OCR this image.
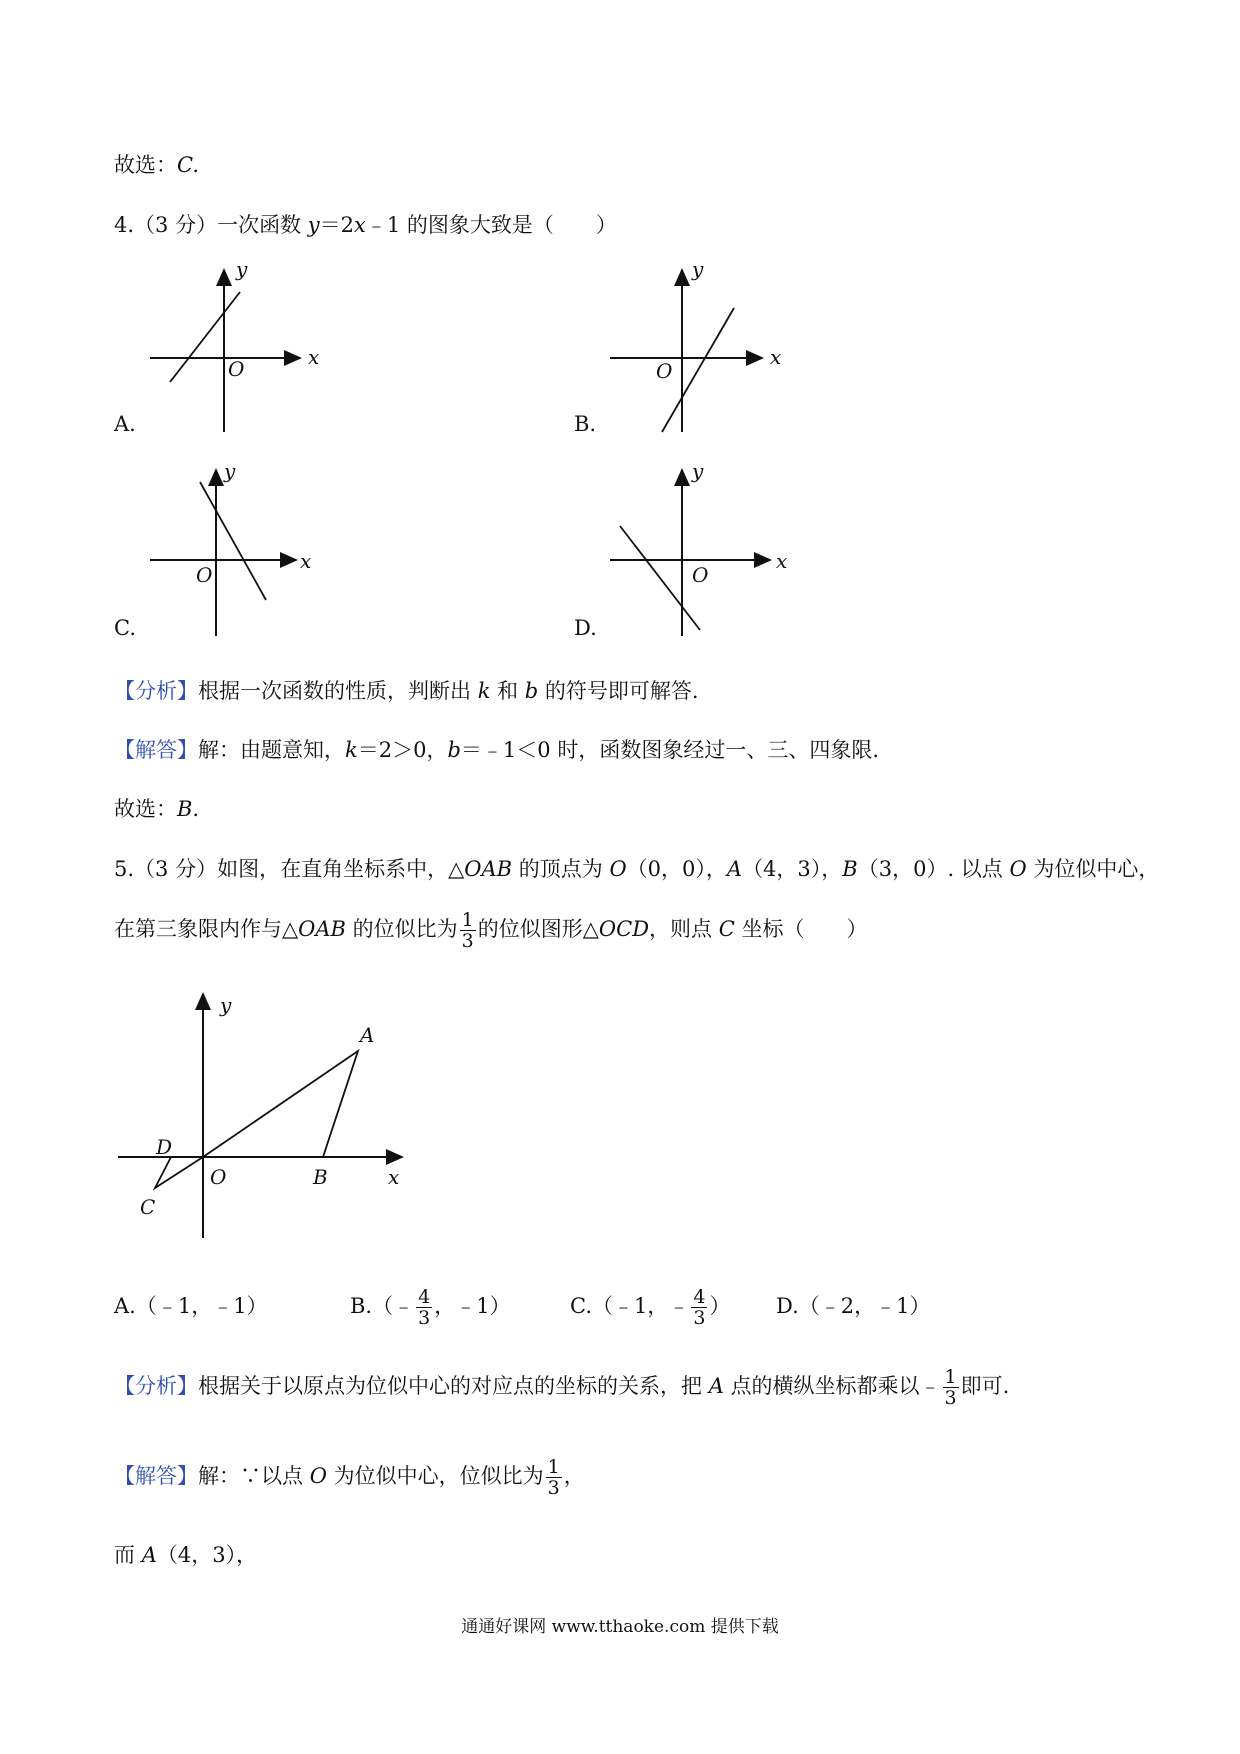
故选：C.
4.（3 分）一次函数 y＝2x﹣1 的图象大致是（　　）
y
x
O
A.
y
x
O
B.
y
x
O
C.
y
x
O
D.
【分析】根据一次函数的性质，判断出 k 和 b 的符号即可解答.
【解答】解：由题意知，k＝2＞0，b＝﹣1＜0 时，函数图象经过一、三、四象限.
故选：B.
5.（3 分）如图，在直角坐标系中，△OAB 的顶点为 O（0，0），A（4，3），B（3，0）. 以点 O 为位似中心，
在第三象限内作与△OAB 的位似比为 $\frac{1}{3}$ 的位似图形△OCD，则点 C 坐标（　　）
y
x
A
B
O
D
C
A.（﹣1，﹣1）	B.（﹣ $\frac{4}{3}$ ，﹣1）	C.（﹣1，﹣ $\frac{4}{3}$ ） D.（﹣2，﹣1）
【分析】根据关于以原点为位似中心的对应点的坐标的关系，把 A 点的横纵坐标都乘以﹣ $\frac{1}{3}$ 即可.
【解答】解：∵以点 O 为位似中心，位似比为 $\frac{1}{3}$ ，
而 A（4，3），
通通好课网 www.tthaoke.com 提供下载
